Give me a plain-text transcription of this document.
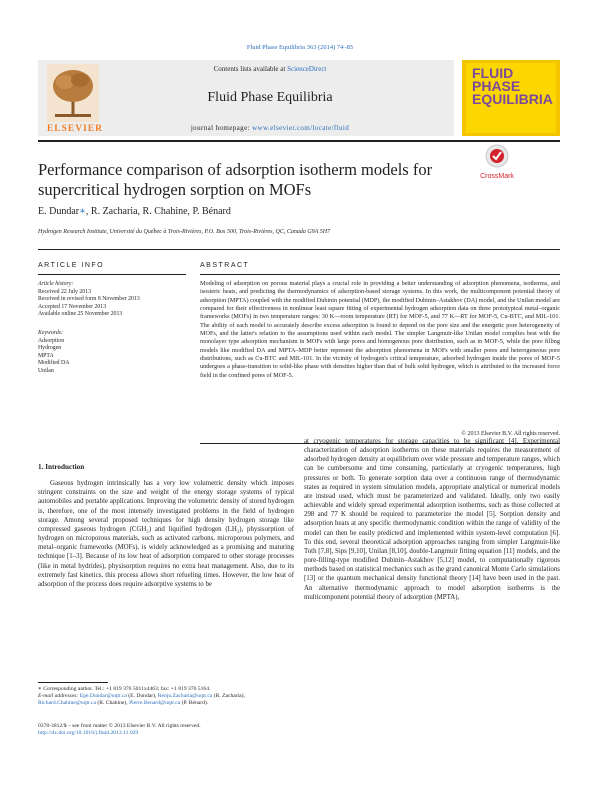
Fluid Phase Equilibria 363 (2014) 74–85
ELSEVIER
Contents lists available at ScienceDirect
Fluid Phase Equilibria
journal homepage: www.elsevier.com/locate/fluid
FLUID PHASE
EQUILIBRIA
Performance comparison of adsorption isotherm models for supercritical hydrogen sorption on MOFs
CrossMark
E. Dundar∗, R. Zacharia, R. Chahine, P. Bénard
Hydrogen Research Institute, Université du Québec à Trois-Rivières, P.O. Box 500, Trois-Rivières, QC, Canada G9A 5H7
ARTICLE INFO	ABSTRACT
Article history:
Received 22 July 2013
Received in revised form 8 November 2013
Accepted 17 November 2013
Available online 25 November 2013
Keywords:
Adsorption
Hydrogen
MPTA
Modified DA
Unilan
Modeling of adsorption on porous material plays a crucial role in providing a better understanding of adsorption phenomena, isotherms, and isosteric heats, and predicting the thermodynamics of adsorption-based storage systems. In this work, the multicomponent potential theory of adsorption (MPTA) coupled with the modified Dubinin potential (MDP), the modified Dubinin–Astakhov (DA) model, and the Unilan model are compared for their effectiveness in nonlinear least square fitting of experimental hydrogen adsorption data on three prototypical metal–organic frameworks (MOFs) in two temperature ranges: 30 K—room temperature (RT) for MOF-5, and 77 K—RT for MOF-5, Cu-BTC, and MIL-101. The ability of each model to accurately describe excess adsorption is found to depend on the pore size and the energetic pore heterogeneity of MOFs, and the latter's relation to the assumptions used within each model. The simpler Langmuir-like Unilan model complies best with the monolayer type adsorption mechanism in MOFs with large pores and homogenous pore distribution, such as in MOF-5, while the pore filling models like modified DA and MPTA–MDP better represent the adsorption phenomena in MOFs with smaller pores and heterogeneous pore distributions, such as Cu-BTC and MIL-101. In the vicinity of hydrogen's critical temperature, adsorbed hydrogen inside the pores of MOF-5 undergoes a phase-transition to solid-like phase with densities higher than that of bulk solid hydrogen, which is attributed to the increased force field in the confined pores of MOF-5.
© 2013 Elsevier B.V. All rights reserved.
1. Introduction

Gaseous hydrogen intrinsically has a very low volumetric density which imposes stringent constraints on the size and weight of the energy storage systems of typical automobiles and portable applications. Improving the volumetric density of stored hydrogen is, therefore, one of the most intensely investigated problems in the field of hydrogen storage. Among several proposed techniques for high density hydrogen storage like compressed gaseous hydrogen (CGH₂) and liquified hydrogen (LH₂), physisorption of hydrogen on microporous materials, such as activated carbons, microporous polymers, and metal–organic frameworks (MOFs), is widely acknowledged as a promising and maturing technique [1–3]. Because of its low heat of adsorption compared to other storage processes (like in metal hydrides), physisorption requires no extra heat management. Also, due to its extremely fast kinetics, this process allows short refueling times. However, the low heat of adsorption of the process does require adsorptive systems to be

at cryogenic temperatures for storage capacities to be significant [4]. Experimental characterization of adsorption isotherms on these materials requires the measurement of adsorbed hydrogen density at equilibrium over wide pressure and temperature ranges, which can be cumbersome and time consuming, particularly at cryogenic temperatures, high pressures or both. To generate sorption data over a continuous range of thermodynamic states as required in system simulation models, appropriate analytical or numerical models are instead used, which must be parameterized and validated. Ideally, only two easily achievable and widely spread experimental adsorption isotherms, such as those collected at 298 and 77 K should be required to parameterize the model [5]. Sorption density and adsorption heats at any specific thermodynamic condition within the range of validity of the model can then be easily predicted and implemented within system-level computation [6]. To this end, several theoretical adsorption approaches ranging from simpler Langmuir-like Toth [7,8], Sips [9,10], Unilan [8,10], double-Langmuir fitting equation [11] models, and the pore-filling-type modified Dubinin–Astakhov [5,12] model, to computationally rigorous methods based on statistical mechanics such as the grand canonical Monte Carlo simulations [13] or the quantum mechanical density functional theory [14] have been used in the past. An alternative thermodynamic approach to model adsorption isotherms is the multicomponent potential theory of adsorption (MPTA),

∗ Corresponding author. Tel.: +1 819 376 5011x4463; fax: +1 819 376 5164.
E-mail addresses: Ege.Dundar@uqtr.ca (E. Dundar), Renju.Zacharia@uqtr.ca (R. Zacharia), Richard.Chahine@uqtr.ca (R. Chahine), Pierre.Benard@uqtr.ca (P. Bénard).
0378-3812/$ – see front matter © 2013 Elsevier B.V. All rights reserved.
http://dx.doi.org/10.1016/j.fluid.2013.11.029
